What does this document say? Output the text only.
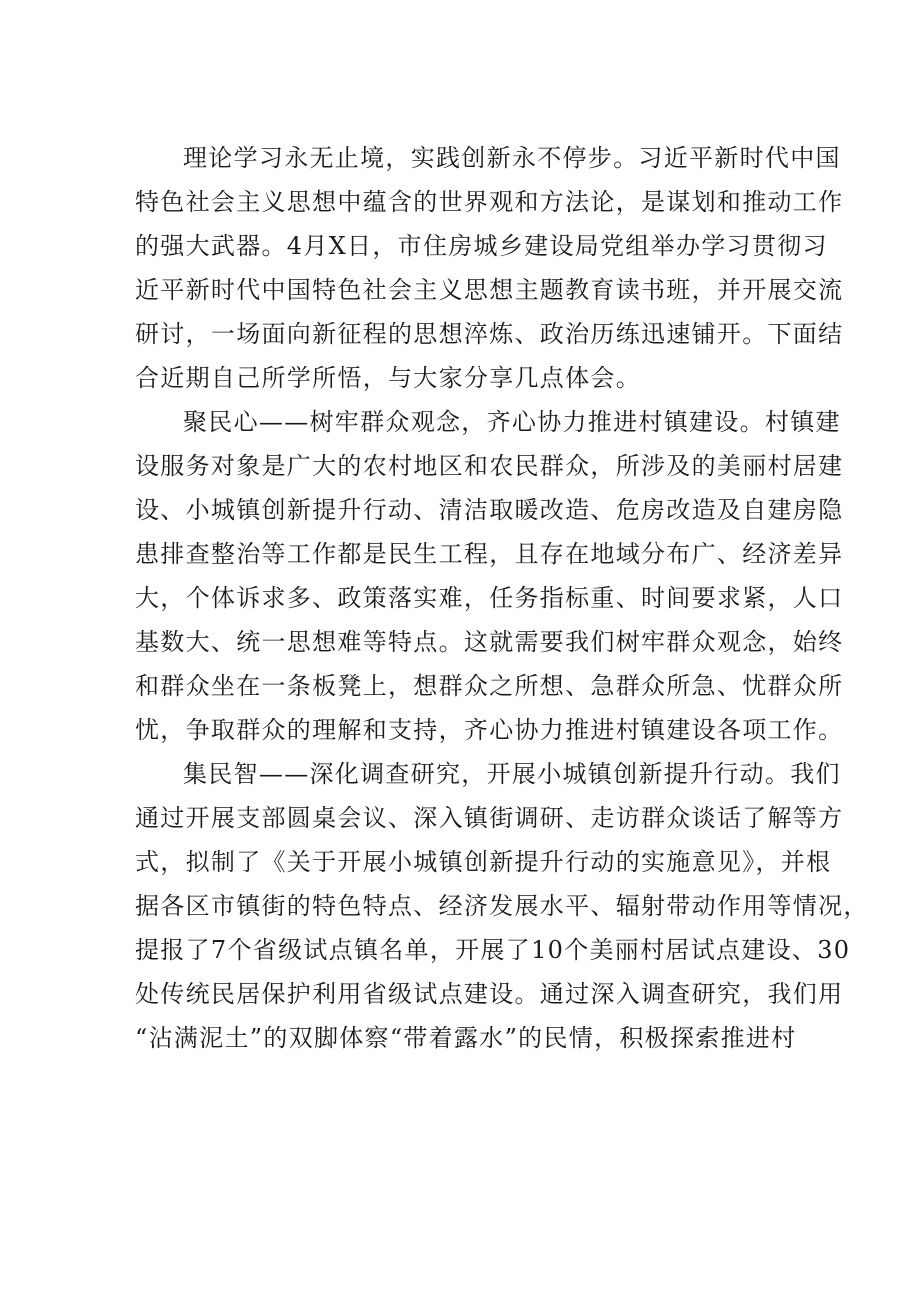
理论学习永无止境，实践创新永不停步。习近平新时代中国
特色社会主义思想中蕴含的世界观和方法论，是谋划和推动工作
的强大武器。4月X日，市住房城乡建设局党组举办学习贯彻习
近平新时代中国特色社会主义思想主题教育读书班，并开展交流
研讨，一场面向新征程的思想淬炼、政治历练迅速铺开。下面结
合近期自己所学所悟，与大家分享几点体会。

聚民心——树牢群众观念，齐心协力推进村镇建设。村镇建
设服务对象是广大的农村地区和农民群众，所涉及的美丽村居建
设、小城镇创新提升行动、清洁取暖改造、危房改造及自建房隐
患排查整治等工作都是民生工程，且存在地域分布广、经济差异
大，个体诉求多、政策落实难，任务指标重、时间要求紧，人口
基数大、统一思想难等特点。这就需要我们树牢群众观念，始终
和群众坐在一条板凳上，想群众之所想、急群众所急、忧群众所
忧，争取群众的理解和支持，齐心协力推进村镇建设各项工作。

集民智——深化调查研究，开展小城镇创新提升行动。我们
通过开展支部圆桌会议、深入镇街调研、走访群众谈话了解等方
式，拟制了《关于开展小城镇创新提升行动的实施意见》，并根
据各区市镇街的特色特点、经济发展水平、辐射带动作用等情况，
提报了7个省级试点镇名单，开展了10个美丽村居试点建设、30
处传统民居保护利用省级试点建设。通过深入调查研究，我们用
“沾满泥土”的双脚体察“带着露水”的民情，积极探索推进村
